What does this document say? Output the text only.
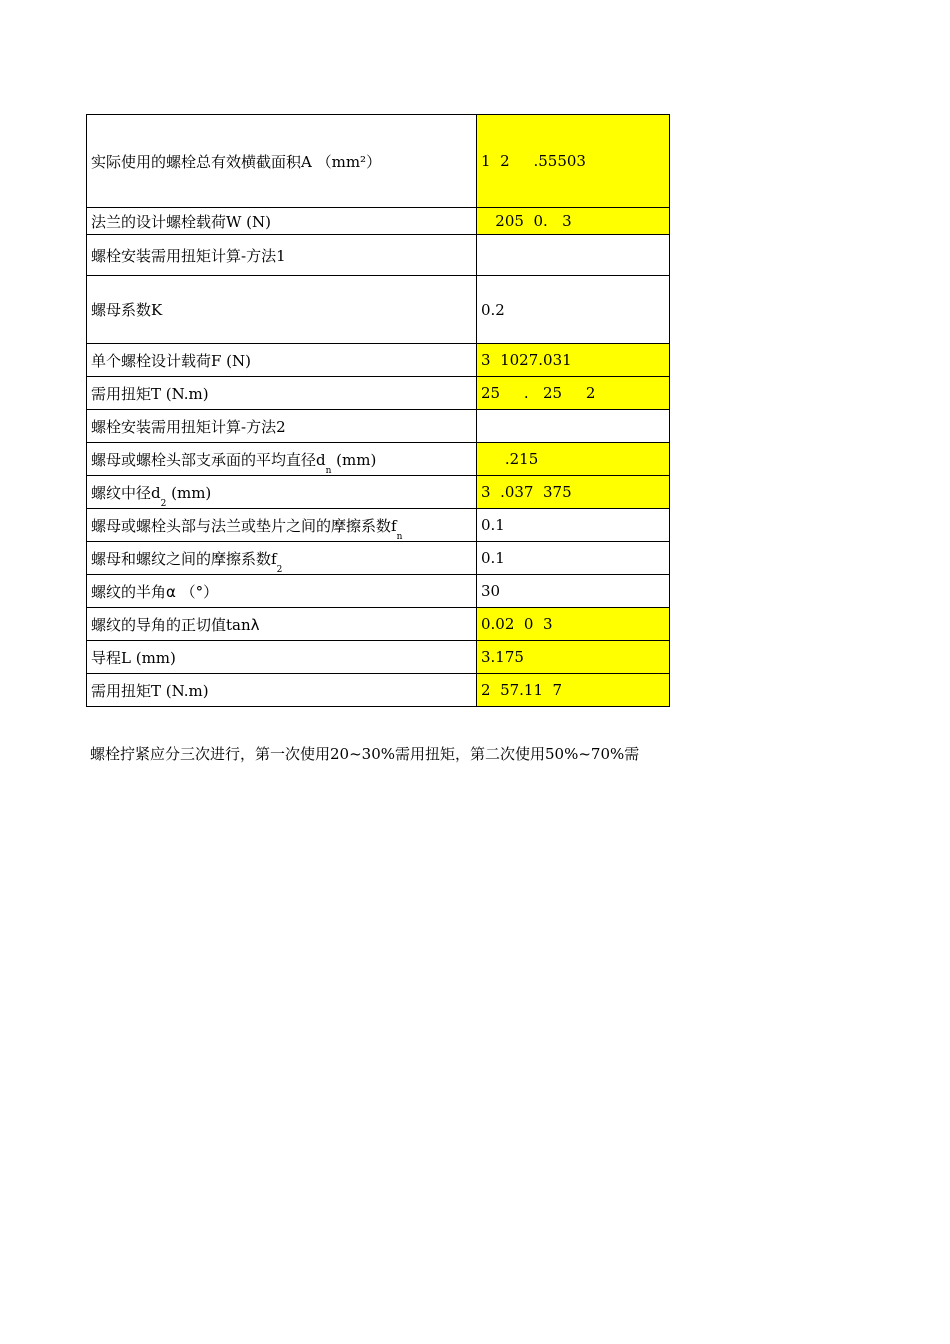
实际使用的螺栓总有效横截面积A （mm²）	1  2     .55503
法兰的设计螺栓载荷W (N)	205  0.   3
螺栓安装需用扭矩计算-方法1	
螺母系数K	0.2
单个螺栓设计载荷F (N)	3  1027.031
需用扭矩T (N.m)	25     .   25     2
螺栓安装需用扭矩计算-方法2	
螺母或螺栓头部支承面的平均直径$d_n$ (mm)	.215
螺纹中径$d_2$ (mm)	3  .037  375
螺母或螺栓头部与法兰或垫片之间的摩擦系数$f_n$	0.1
螺母和螺纹之间的摩擦系数$f_2$	0.1
螺纹的半角α （°）	30
螺纹的导角的正切值tanλ	0.02  0  3
导程L (mm)	3.175
需用扭矩T (N.m)	2  57.11  7
螺栓拧紧应分三次进行，第一次使用20~30%需用扭矩，第二次使用50%~70%需
